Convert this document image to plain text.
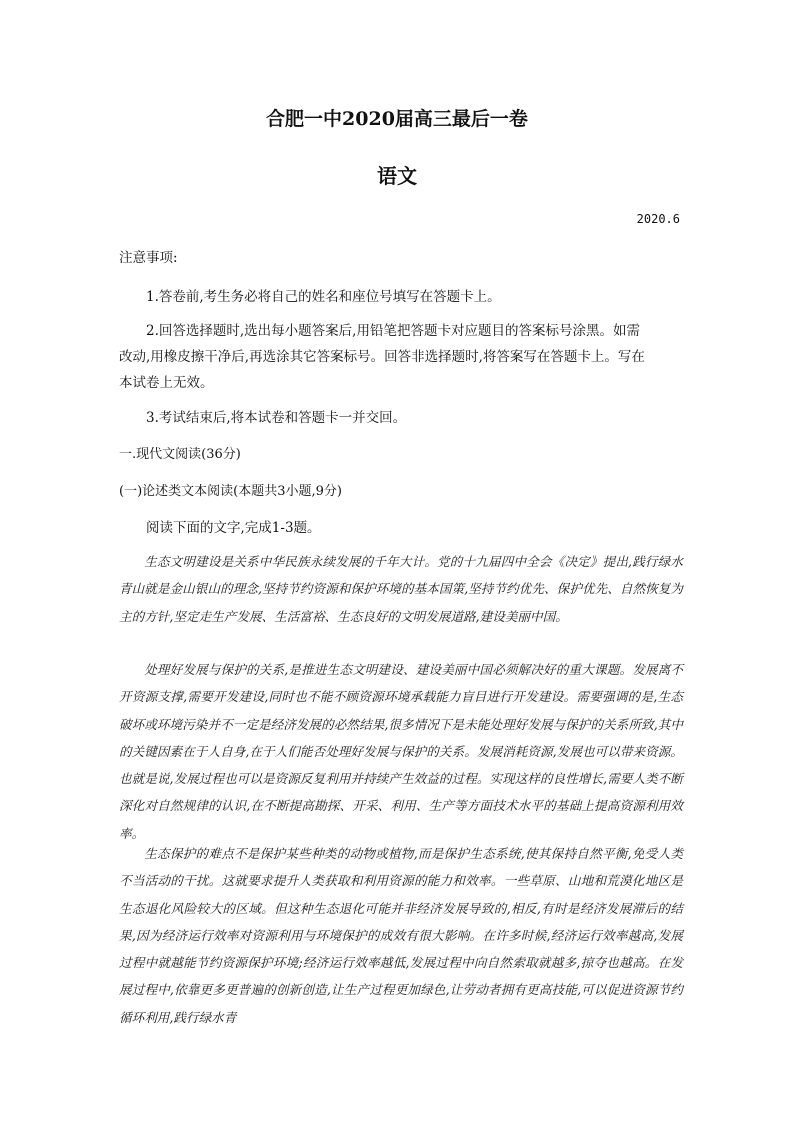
合肥一中2020届高三最后一卷
语文
2020.6
注意事项:
1.答卷前,考生务必将自己的姓名和座位号填写在答题卡上。
2.回答选择题时,选出每小题答案后,用铅笔把答题卡对应题目的答案标号涂黑。如需
改动,用橡皮擦干净后,再选涂其它答案标号。回答非选择题时,将答案写在答题卡上。写在
本试卷上无效。
3.考试结束后,将本试卷和答题卡一并交回。
一.现代文阅读(36分)
(一)论述类文本阅读(本题共3小题,9分)
阅读下面的文字,完成1-3题。
生态文明建设是关系中华民族永续发展的千年大计。党的十九届四中全会《决定》提出,践行绿水青山就是金山银山的理念,坚持节约资源和保护环境的基本国策,坚持节约优先、保护优先、自然恢复为主的方针,坚定走生产发展、生活富裕、生态良好的文明发展道路,建设美丽中国。
处理好发展与保护的关系,是推进生态文明建设、建设美丽中国必须解决好的重大课题。发展离不开资源支撑,需要开发建设,同时也不能不顾资源环境承载能力盲目进行开发建设。需要强调的是,生态破坏或环境污染并不一定是经济发展的必然结果,很多情况下是未能处理好发展与保护的关系所致,其中的关键因素在于人自身,在于人们能否处理好发展与保护的关系。发展消耗资源,发展也可以带来资源。也就是说,发展过程也可以是资源反复利用并持续产生效益的过程。实现这样的良性增长,需要人类不断深化对自然规律的认识,在不断提高勘探、开采、利用、生产等方面技术水平的基础上提高资源利用效率。
生态保护的难点不是保护某些种类的动物或植物,而是保护生态系统,使其保持自然平衡,免受人类不当活动的干扰。这就要求提升人类获取和利用资源的能力和效率。一些草原、山地和荒漠化地区是生态退化风险较大的区域。但这种生态退化可能并非经济发展导致的,相反,有时是经济发展滞后的结果,因为经济运行效率对资源利用与环境保护的成效有很大影响。在许多时候,经济运行效率越高,发展过程中就越能节约资源保护环境;经济运行效率越低,发展过程中向自然索取就越多,掠夺也越高。在发展过程中,依靠更多更普遍的创新创造,让生产过程更加绿色,让劳动者拥有更高技能,可以促进资源节约循环利用,践行绿水青
